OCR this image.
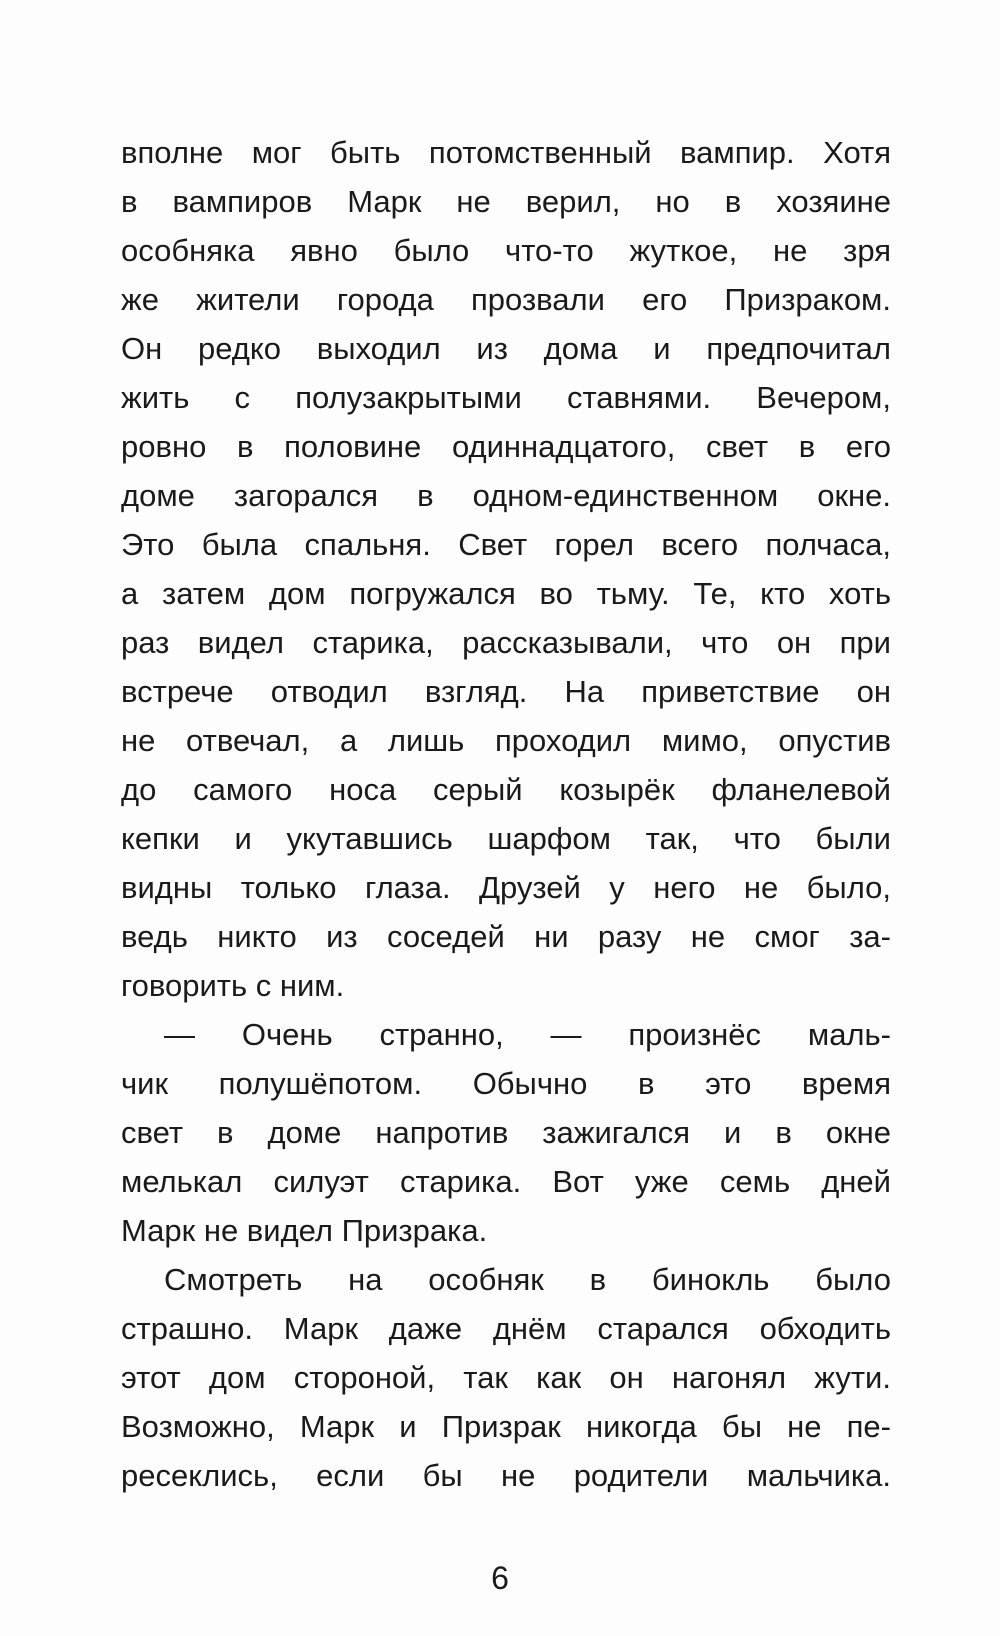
вполне мог быть потомственный вампир. Хотя
в вампиров Марк не верил, но в хозяине
особняка явно было что-то жуткое, не зря
же жители города прозвали его Призраком.
Он редко выходил из дома и предпочитал
жить с полузакрытыми ставнями. Вечером,
ровно в половине одиннадцатого, свет в его
доме загорался в одном-единственном окне.
Это была спальня. Свет горел всего полчаса,
а затем дом погружался во тьму. Те, кто хоть
раз видел старика, рассказывали, что он при
встрече отводил взгляд. На приветствие он
не отвечал, а лишь проходил мимо, опустив
до самого носа серый козырёк фланелевой
кепки и укутавшись шарфом так, что были
видны только глаза. Друзей у него не было,
ведь никто из соседей ни разу не смог за-
говорить с ним.
— Очень странно, — произнёс маль-
чик полушёпотом. Обычно в это время
свет в доме напротив зажигался и в окне
мелькал силуэт старика. Вот уже семь дней
Марк не видел Призрака.
Смотреть на особняк в бинокль было
страшно. Марк даже днём старался обходить
этот дом стороной, так как он нагонял жути.
Возможно, Марк и Призрак никогда бы не пе-
ресеклись, если бы не родители мальчика.
6
